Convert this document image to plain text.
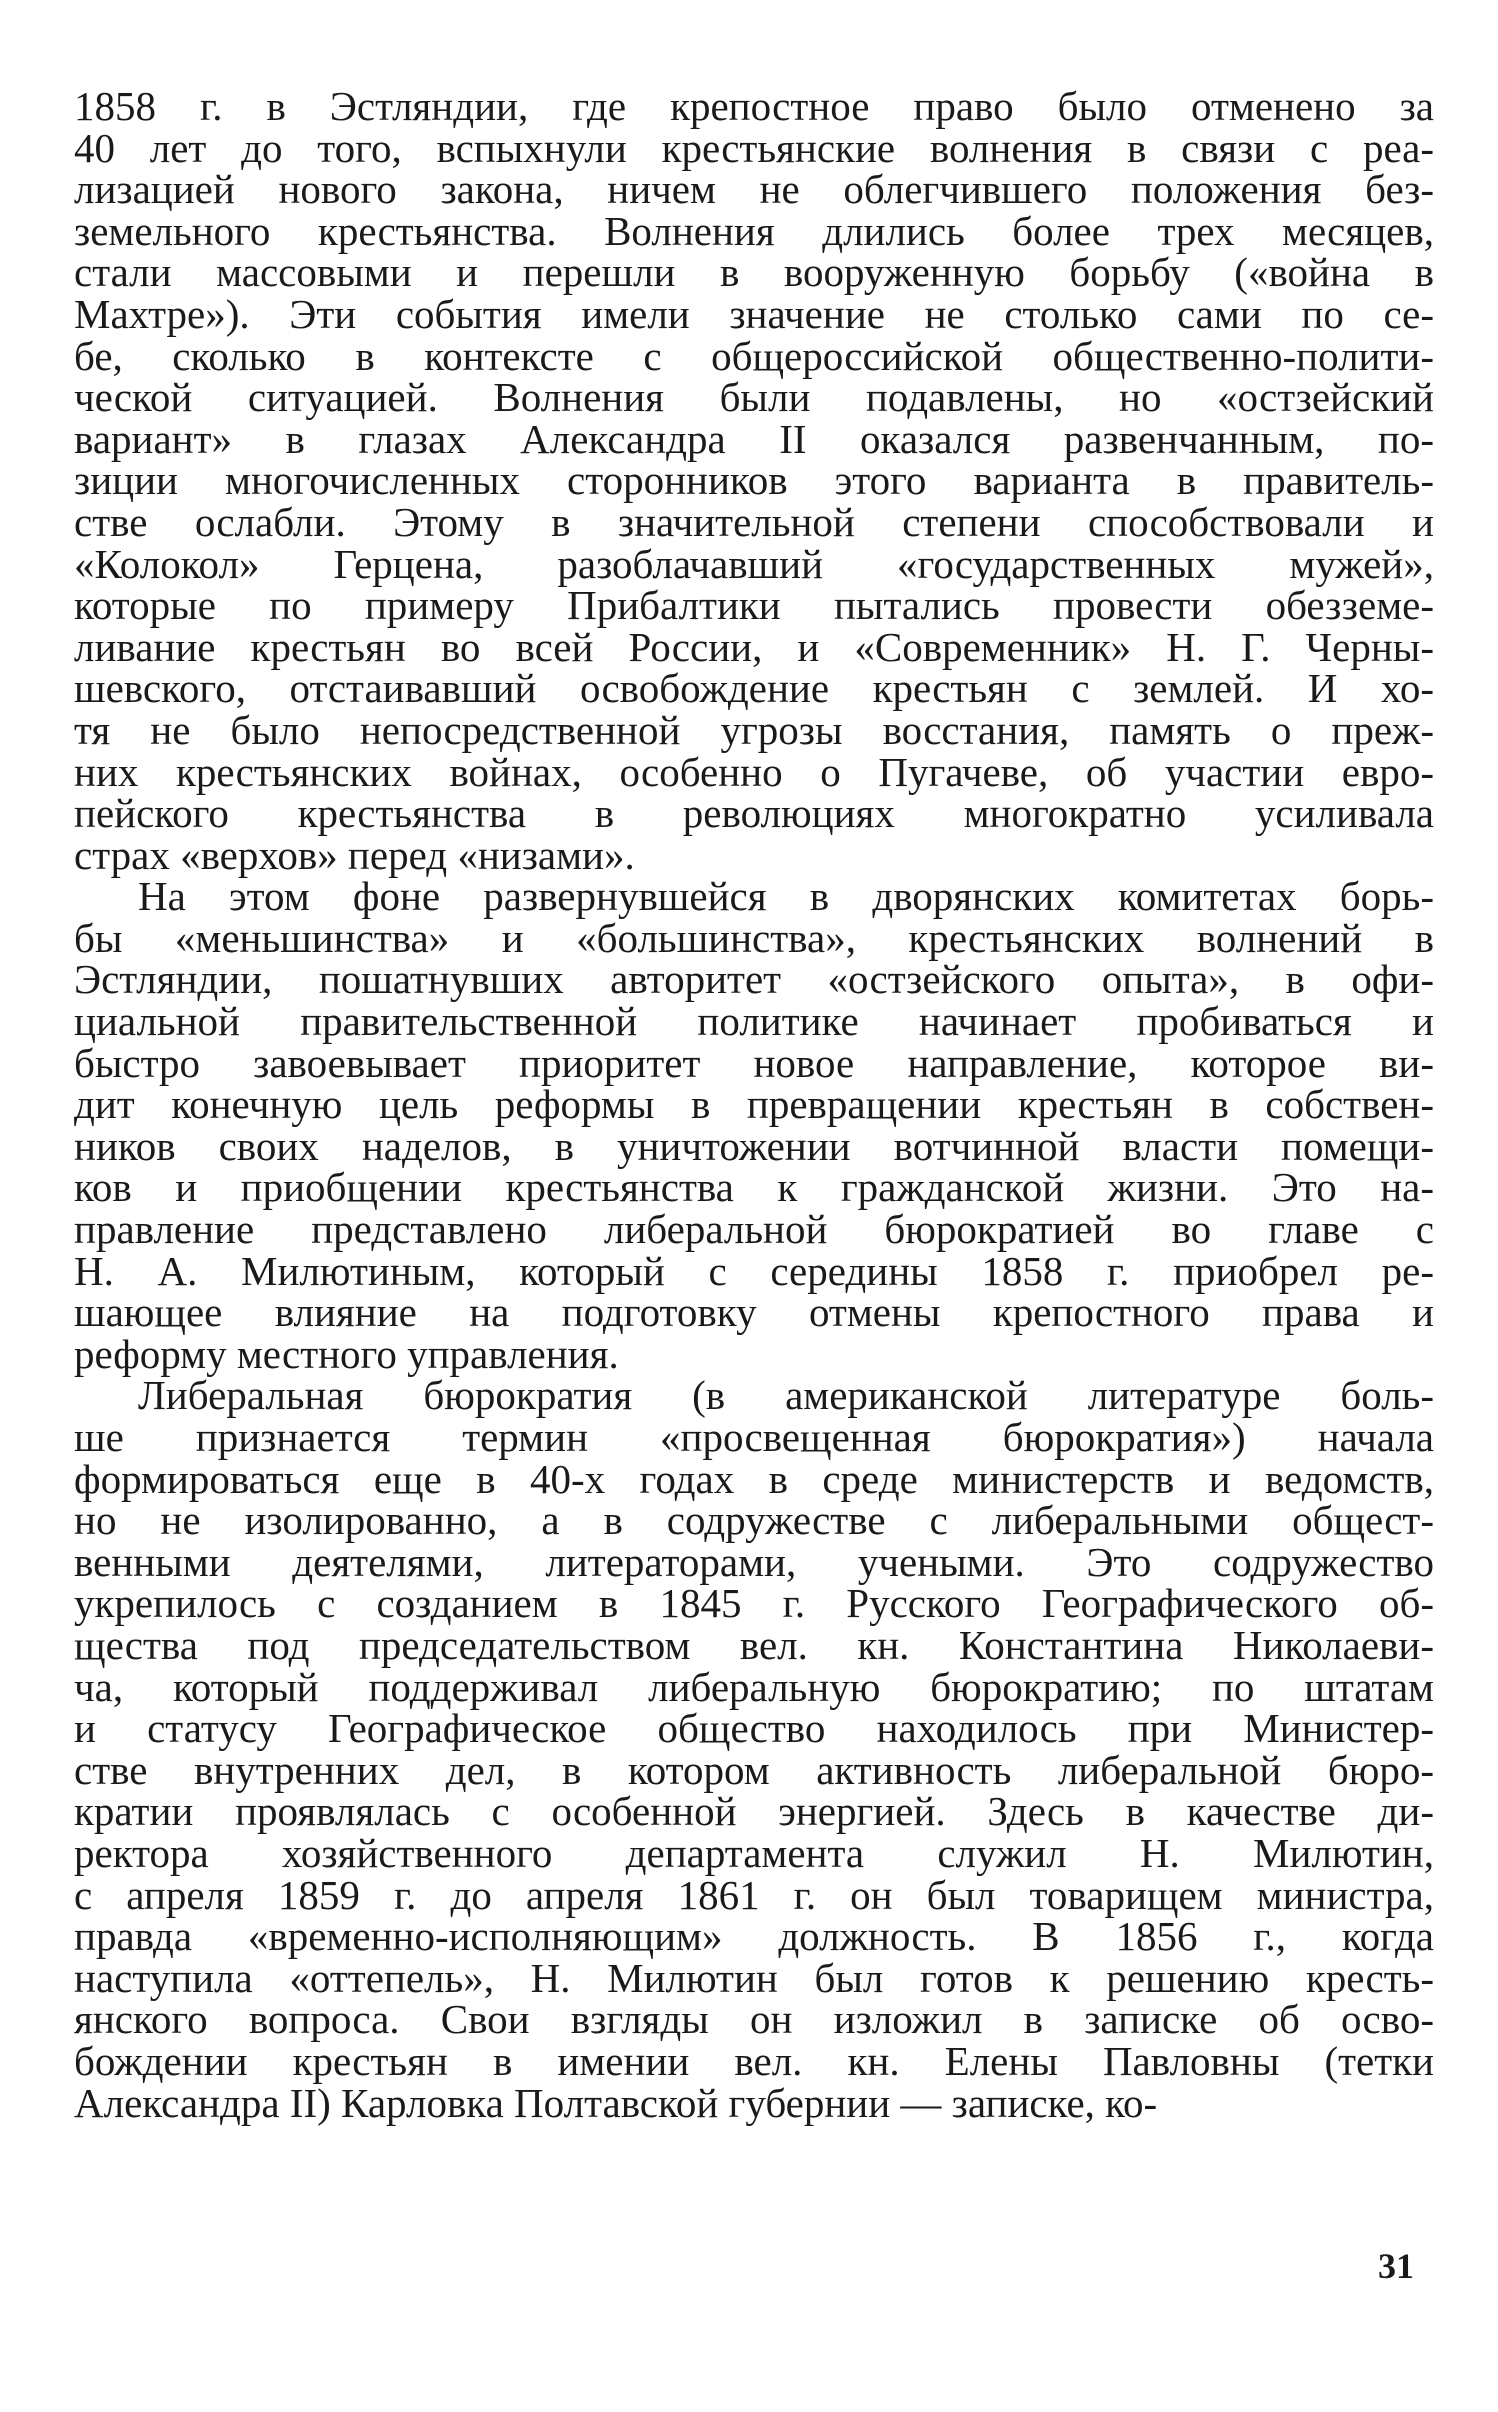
1858 г. в Эстляндии, где крепостное право было отменено за
40 лет до того, вспыхнули крестьянские волнения в связи с реа-
лизацией нового закона, ничем не облегчившего положения без-
земельного крестьянства. Волнения длились более трех месяцев,
стали массовыми и перешли в вооруженную борьбу («война в
Махтре»). Эти события имели значение не столько сами по се-
бе, сколько в контексте с общероссийской общественно-полити-
ческой ситуацией. Волнения были подавлены, но «остзейский
вариант» в глазах Александра II оказался развенчанным, по-
зиции многочисленных сторонников этого варианта в правитель-
стве ослабли. Этому в значительной степени способствовали и
«Колокол» Герцена, разоблачавший «государственных мужей»,
которые по примеру Прибалтики пытались провести обезземе-
ливание крестьян во всей России, и «Современник» Н. Г. Черны-
шевского, отстаивавший освобождение крестьян с землей. И хо-
тя не было непосредственной угрозы восстания, память о преж-
них крестьянских войнах, особенно о Пугачеве, об участии евро-
пейского крестьянства в революциях многократно усиливала
страх «верхов» перед «низами».
На этом фоне развернувшейся в дворянских комитетах борь-
бы «меньшинства» и «большинства», крестьянских волнений в
Эстляндии, пошатнувших авторитет «остзейского опыта», в офи-
циальной правительственной политике начинает пробиваться и
быстро завоевывает приоритет новое направление, которое ви-
дит конечную цель реформы в превращении крестьян в собствен-
ников своих наделов, в уничтожении вотчинной власти помещи-
ков и приобщении крестьянства к гражданской жизни. Это на-
правление представлено либеральной бюрократией во главе с
Н. А. Милютиным, который с середины 1858 г. приобрел ре-
шающее влияние на подготовку отмены крепостного права и
реформу местного управления.
Либеральная бюрократия (в американской литературе боль-
ше признается термин «просвещенная бюрократия») начала
формироваться еще в 40-х годах в среде министерств и ведомств,
но не изолированно, а в содружестве с либеральными общест-
венными деятелями, литераторами, учеными. Это содружество
укрепилось с созданием в 1845 г. Русского Географического об-
щества под председательством вел. кн. Константина Николаеви-
ча, который поддерживал либеральную бюрократию; по штатам
и статусу Географическое общество находилось при Министер-
стве внутренних дел, в котором активность либеральной бюро-
кратии проявлялась с особенной энергией. Здесь в качестве ди-
ректора хозяйственного департамента служил Н. Милютин,
с апреля 1859 г. до апреля 1861 г. он был товарищем министра,
правда «временно-исполняющим» должность. В 1856 г., когда
наступила «оттепель», Н. Милютин был готов к решению кресть-
янского вопроса. Свои взгляды он изложил в записке об осво-
бождении крестьян в имении вел. кн. Елены Павловны (тетки
Александра II) Карловка Полтавской губернии — записке, ко-
31
